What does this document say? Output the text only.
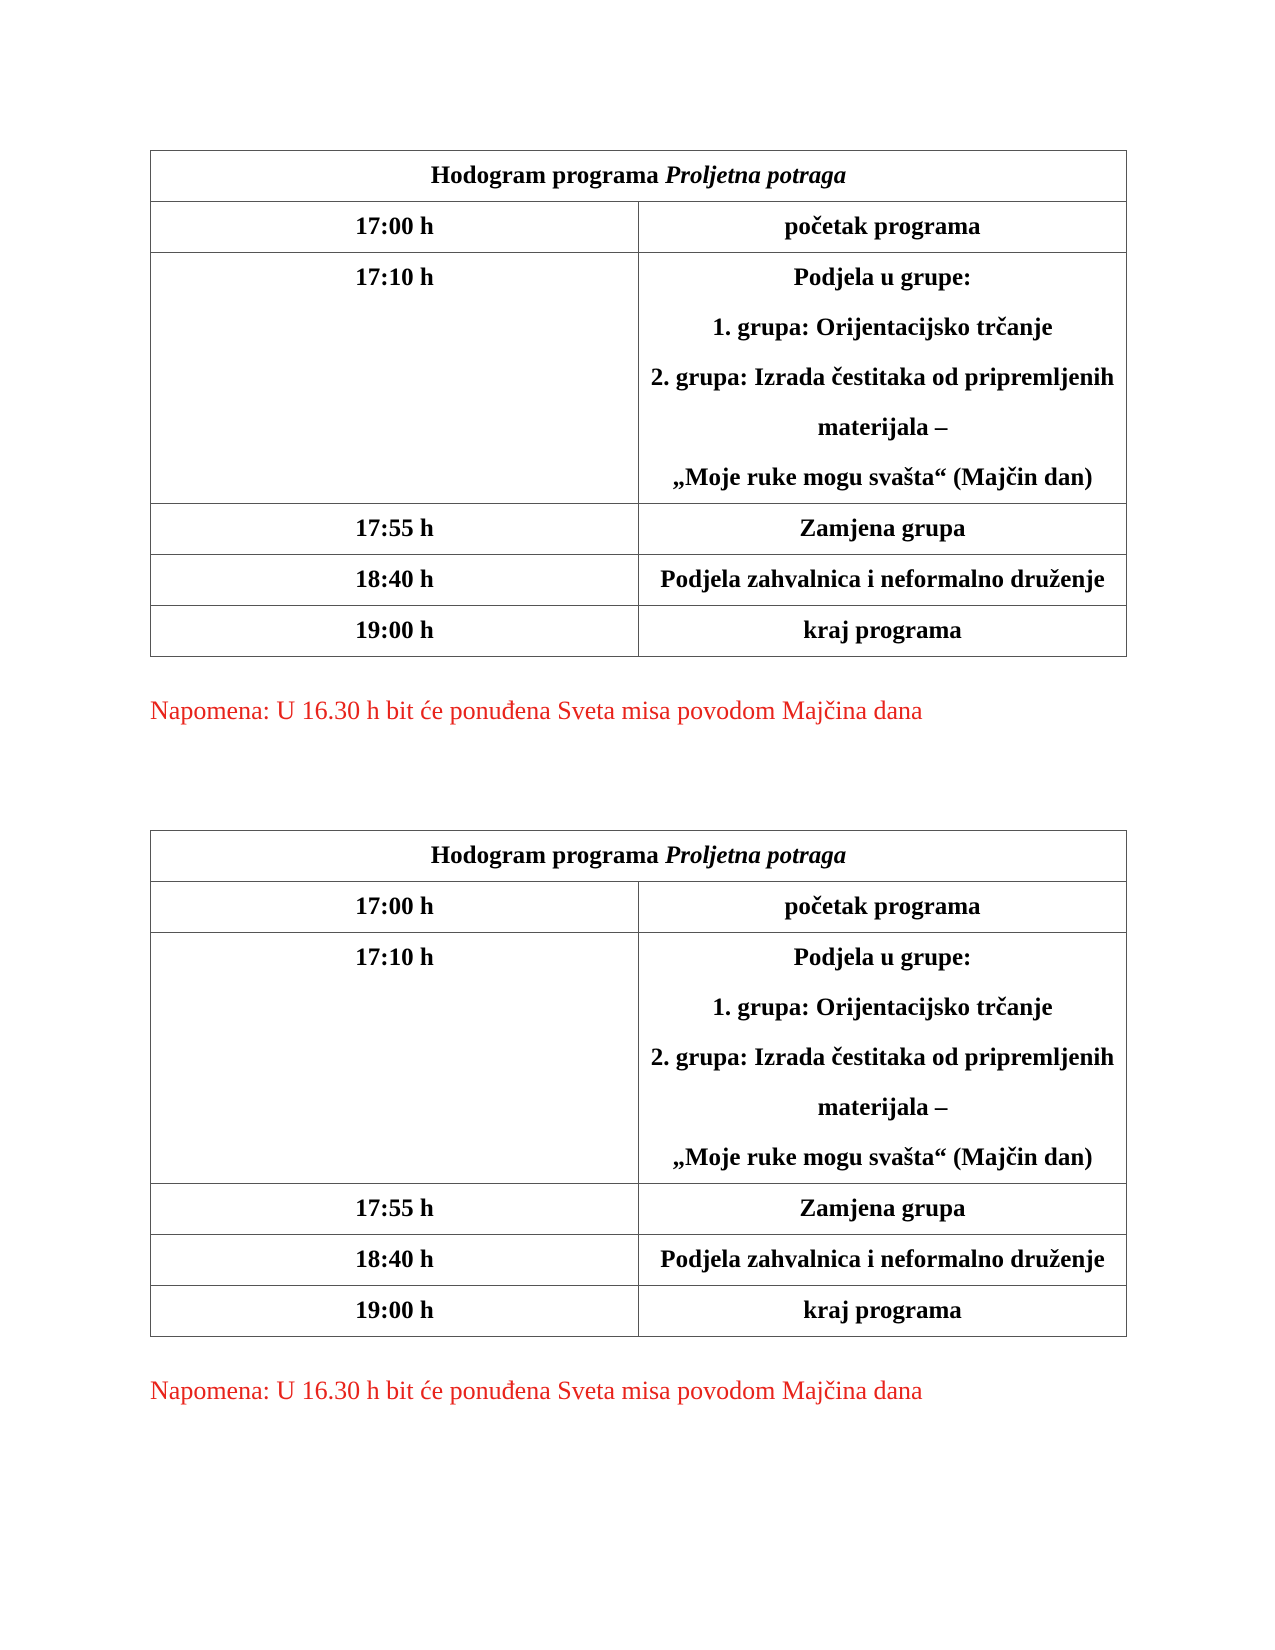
Hodogram programa Proljetna potraga	
17:00 h	početak programa

17:10 h	Podjela u grupe:
1. grupa: Orijentacijsko trčanje
2. grupa: Izrada čestitaka od pripremljenih materijala –
„Moje ruke mogu svašta“ (Majčin dan)

17:55 h	Zamjena grupa

18:40 h	Podjela zahvalnica i neformalno druženje

19:00 h	kraj programa
Napomena: U 16.30 h bit će ponuđena Sveta misa povodom Majčina dana
Hodogram programa Proljetna potraga	
17:00 h	početak programa

17:10 h	Podjela u grupe:
1. grupa: Orijentacijsko trčanje
2. grupa: Izrada čestitaka od pripremljenih materijala –
„Moje ruke mogu svašta“ (Majčin dan)

17:55 h	Zamjena grupa

18:40 h	Podjela zahvalnica i neformalno druženje

19:00 h	kraj programa
Napomena: U 16.30 h bit će ponuđena Sveta misa povodom Majčina dana
